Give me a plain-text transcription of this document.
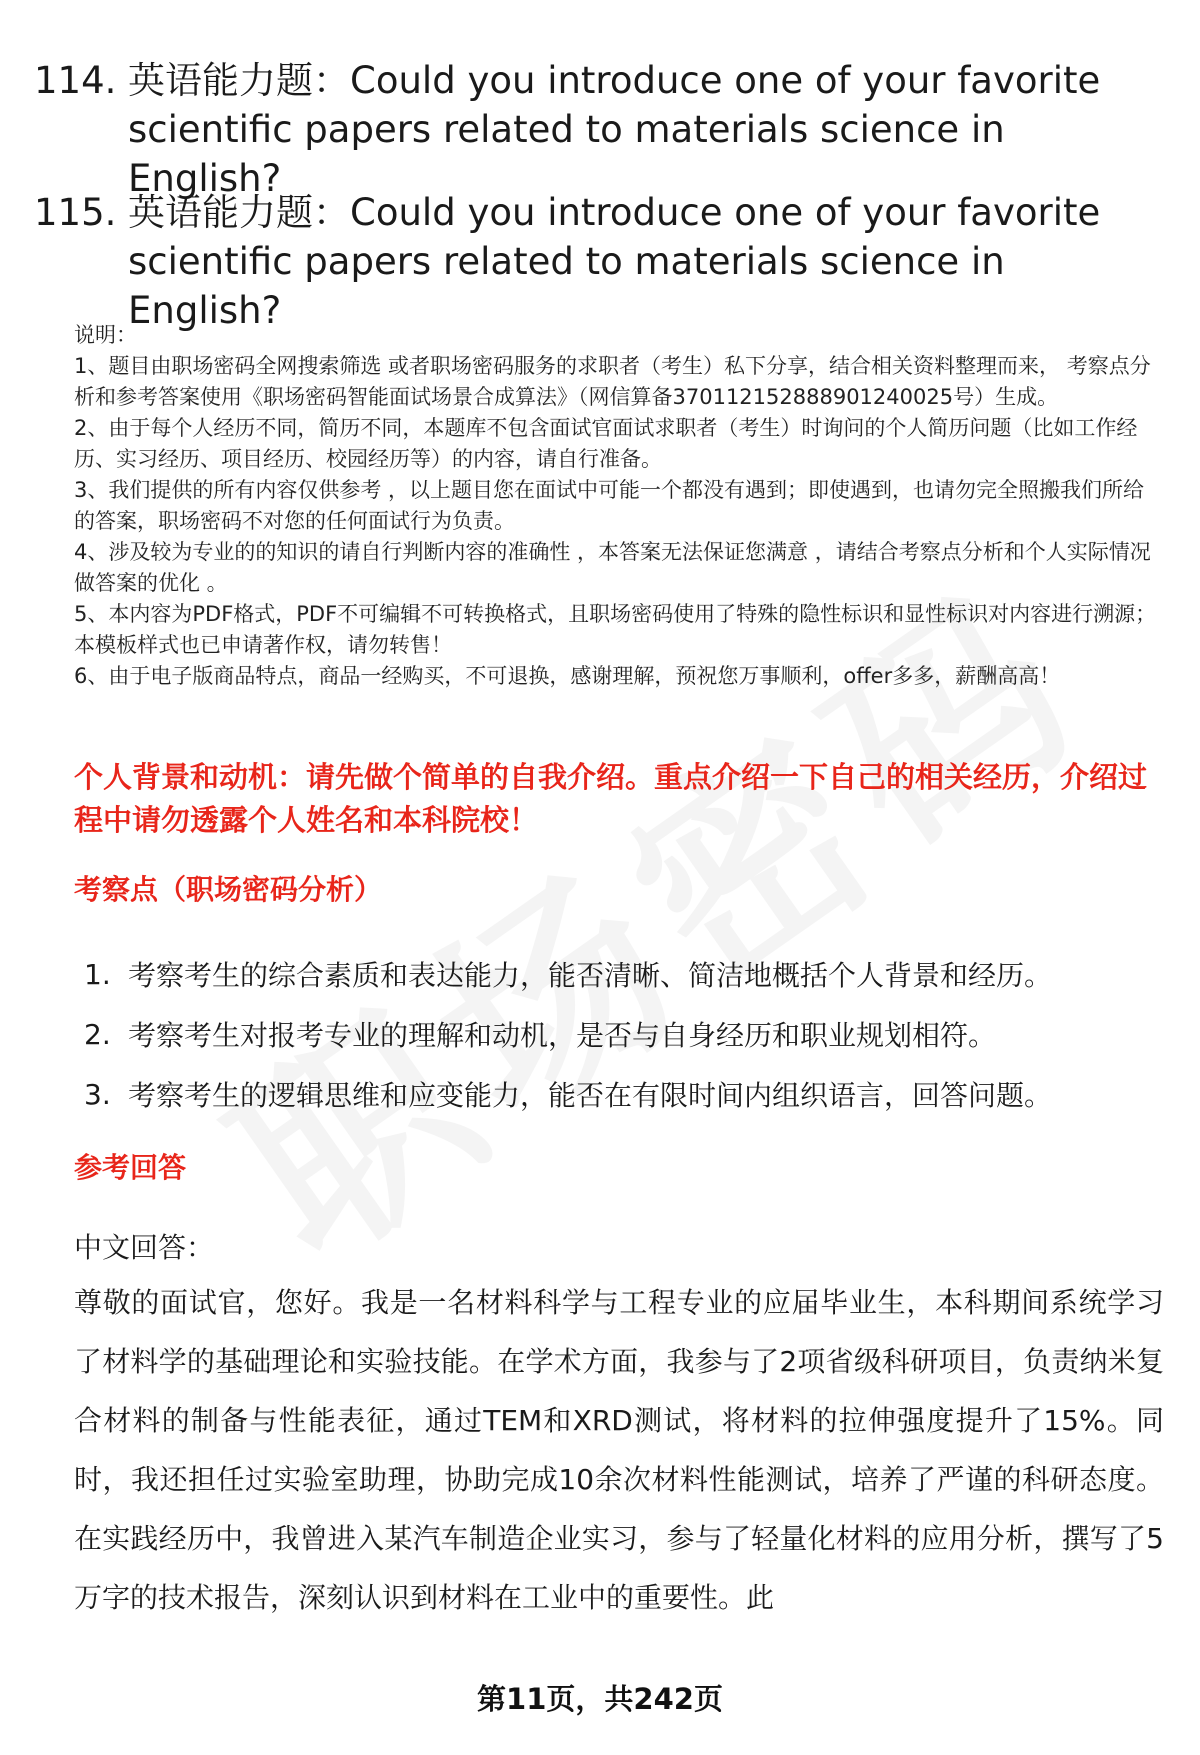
114. 英语能力题：Could you introduce one of your favorite scientific papers related to materials science in English?
115. 英语能力题：Could you introduce one of your favorite scientific papers related to materials science in English?
说明：
1、题目由职场密码全网搜索筛选 或者职场密码服务的求职者（考生）私下分享，结合相关资料整理而来， 考察点分析和参考答案使用《职场密码智能面试场景合成算法》（网信算备370112152888901240025号）生成。
2、由于每个人经历不同，简历不同，本题库不包含面试官面试求职者（考生）时询问的个人简历问题（比如工作经历、实习经历、项目经历、校园经历等）的内容，请自行准备。
3、我们提供的所有内容仅供参考 ，以上题目您在面试中可能一个都没有遇到；即使遇到，也请勿完全照搬我们所给的答案，职场密码不对您的任何面试行为负责。
4、涉及较为专业的的知识的请自行判断内容的准确性 ，本答案无法保证您满意 ，请结合考察点分析和个人实际情况做答案的优化 。
5、本内容为PDF格式，PDF不可编辑不可转换格式，且职场密码使用了特殊的隐性标识和显性标识对内容进行溯源；本模板样式也已申请著作权，请勿转售！
6、由于电子版商品特点，商品一经购买，不可退换，感谢理解，预祝您万事顺利，offer多多，薪酬高高！
个人背景和动机：请先做个简单的自我介绍。重点介绍一下自己的相关经历，介绍过程中请勿透露个人姓名和本科院校！
考察点（职场密码分析）
1. 考察考生的综合素质和表达能力，能否清晰、简洁地概括个人背景和经历。
2. 考察考生对报考专业的理解和动机，是否与自身经历和职业规划相符。
3. 考察考生的逻辑思维和应变能力，能否在有限时间内组织语言，回答问题。
参考回答
中文回答：
尊敬的面试官，您好。我是一名材料科学与工程专业的应届毕业生，本科期间系统学习了材料学的基础理论和实验技能。在学术方面，我参与了2项省级科研项目，负责纳米复合材料的制备与性能表征，通过TEM和XRD测试，将材料的拉伸强度提升了15%。同时，我还担任过实验室助理，协助完成10余次材料性能测试，培养了严谨的科研态度。在实践经历中，我曾进入某汽车制造企业实习，参与了轻量化材料的应用分析，撰写了5万字的技术报告，深刻认识到材料在工业中的重要性。此
第11页，共242页
